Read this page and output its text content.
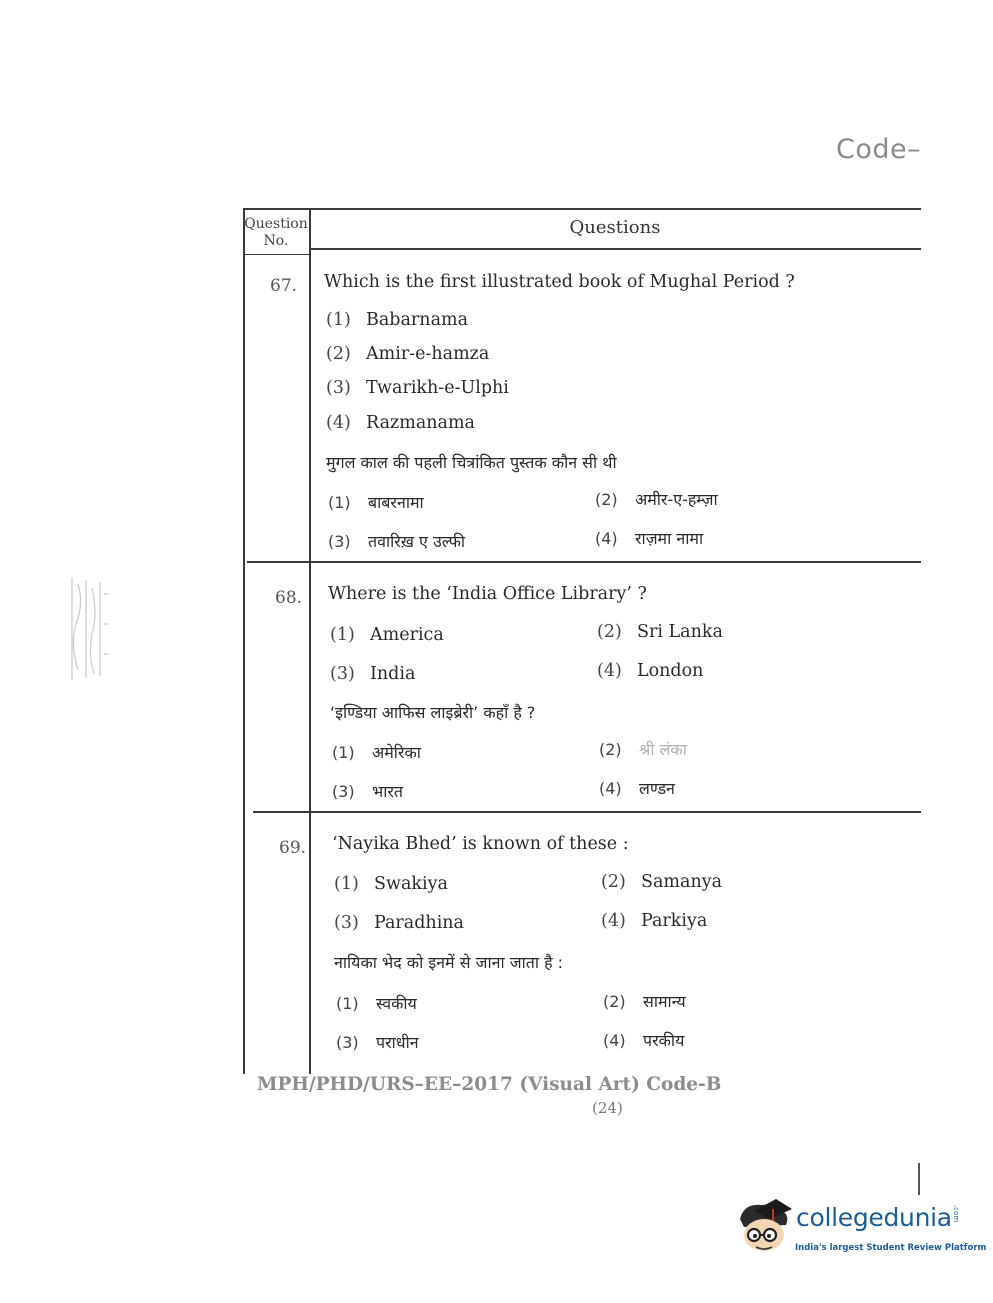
Code–
Question No.
Questions
67. Which is the first illustrated book of Mughal Period ?
(1) Babarnama
(2) Amir-e-hamza
(3) Twarikh-e-Ulphi
(4) Razmanama
मुगल काल की पहली चित्रांकित पुस्तक कौन सी थी
(1) बाबरनामा	(2) अमीर-ए-हम्ज़ा
(3) तवारिख़ ए उल्फी	(4) राज़मा नामा
68. Where is the ‘India Office Library’ ?
(1) America	(2) Sri Lanka
(3) India	(4) London
‘इण्डिया आफिस लाइब्रेरी’ कहाँ है ?
(1) अमेरिका	(2) श्री लंका
(3) भारत	(4) लण्डन
69. ‘Nayika Bhed’ is known of these :
(1) Swakiya	(2) Samanya
(3) Paradhina	(4) Parkiya
नायिका भेद को इनमें से जाना जाता है :
(1) स्वकीय	(2) सामान्य
(3) पराधीन	(4) परकीय
MPH/PHD/URS–EE–2017 (Visual Art) Code-B
(24)
collegedunia .com
India's largest Student Review Platform
